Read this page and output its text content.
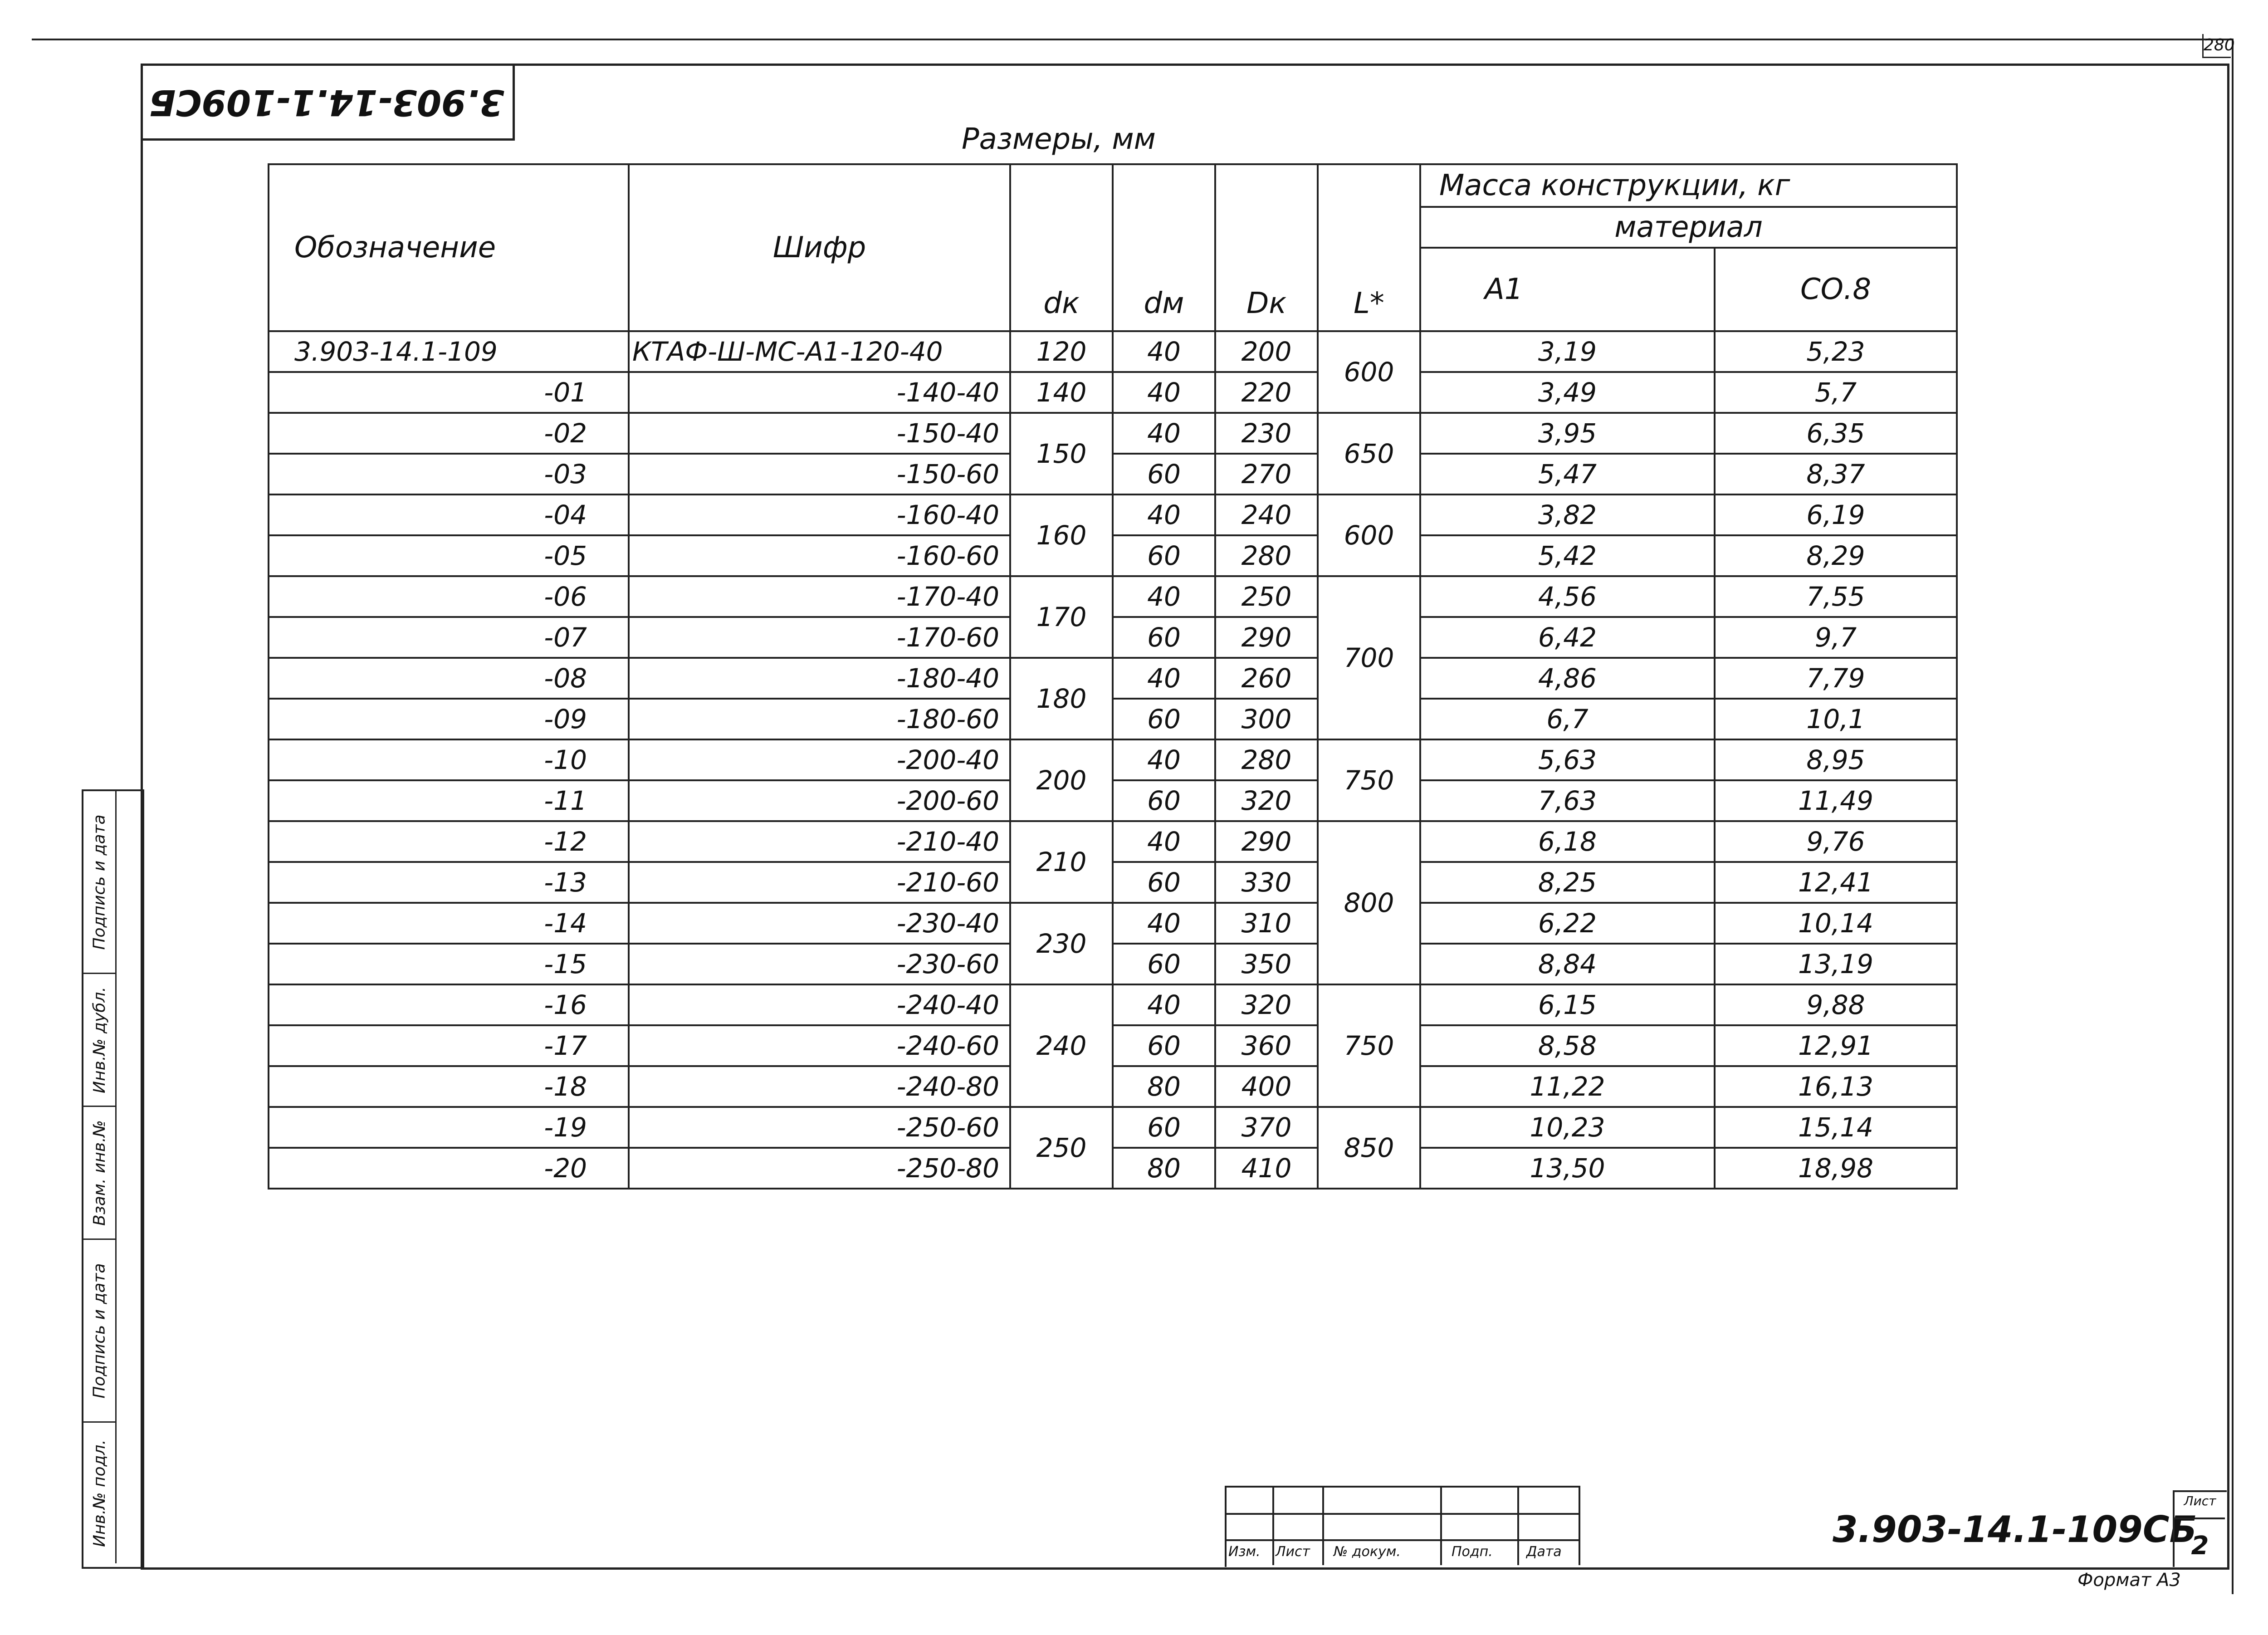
280
3.903-14.1-109СБ
Размеры, мм
Обозначение	Шифр	dк	dм	Dк	L*	Масса конструкции, кг	
						материал	
						А1	СО.8
3.903-14.1-109	КТАФ-Ш-МС-А1-120-40	120	40	200	600	3,19	5,23
-01	-140-40	140	40	220		3,49	5,7
-02	-150-40	150	40	230	650	3,95	6,35
-03	-150-60		60	270		5,47	8,37
-04	-160-40	160	40	240	600	3,82	6,19
-05	-160-60		60	280		5,42	8,29
-06	-170-40	170	40	250	700	4,56	7,55
-07	-170-60		60	290		6,42	9,7
-08	-180-40	180	40	260		4,86	7,79
-09	-180-60		60	300		6,7	10,1
-10	-200-40	200	40	280	750	5,63	8,95
-11	-200-60		60	320		7,63	11,49
-12	-210-40	210	40	290	800	6,18	9,76
-13	-210-60		60	330		8,25	12,41
-14	-230-40	230	40	310		6,22	10,14
-15	-230-60		60	350		8,84	13,19
-16	-240-40	240	40	320	750	6,15	9,88
-17	-240-60		60	360		8,58	12,91
-18	-240-80		80	400		11,22	16,13
-19	-250-60	250	60	370	850	10,23	15,14
-20	-250-80		80	410		13,50	18,98
Подпись и дата
Инв.№ дубл.
Взам. инв.№
Подпись и дата
Инв.№ подл.
Изм. Лист № докум.	Подп. Дата
3.903-14.1-109СБ
Лист
2
Формат А3
